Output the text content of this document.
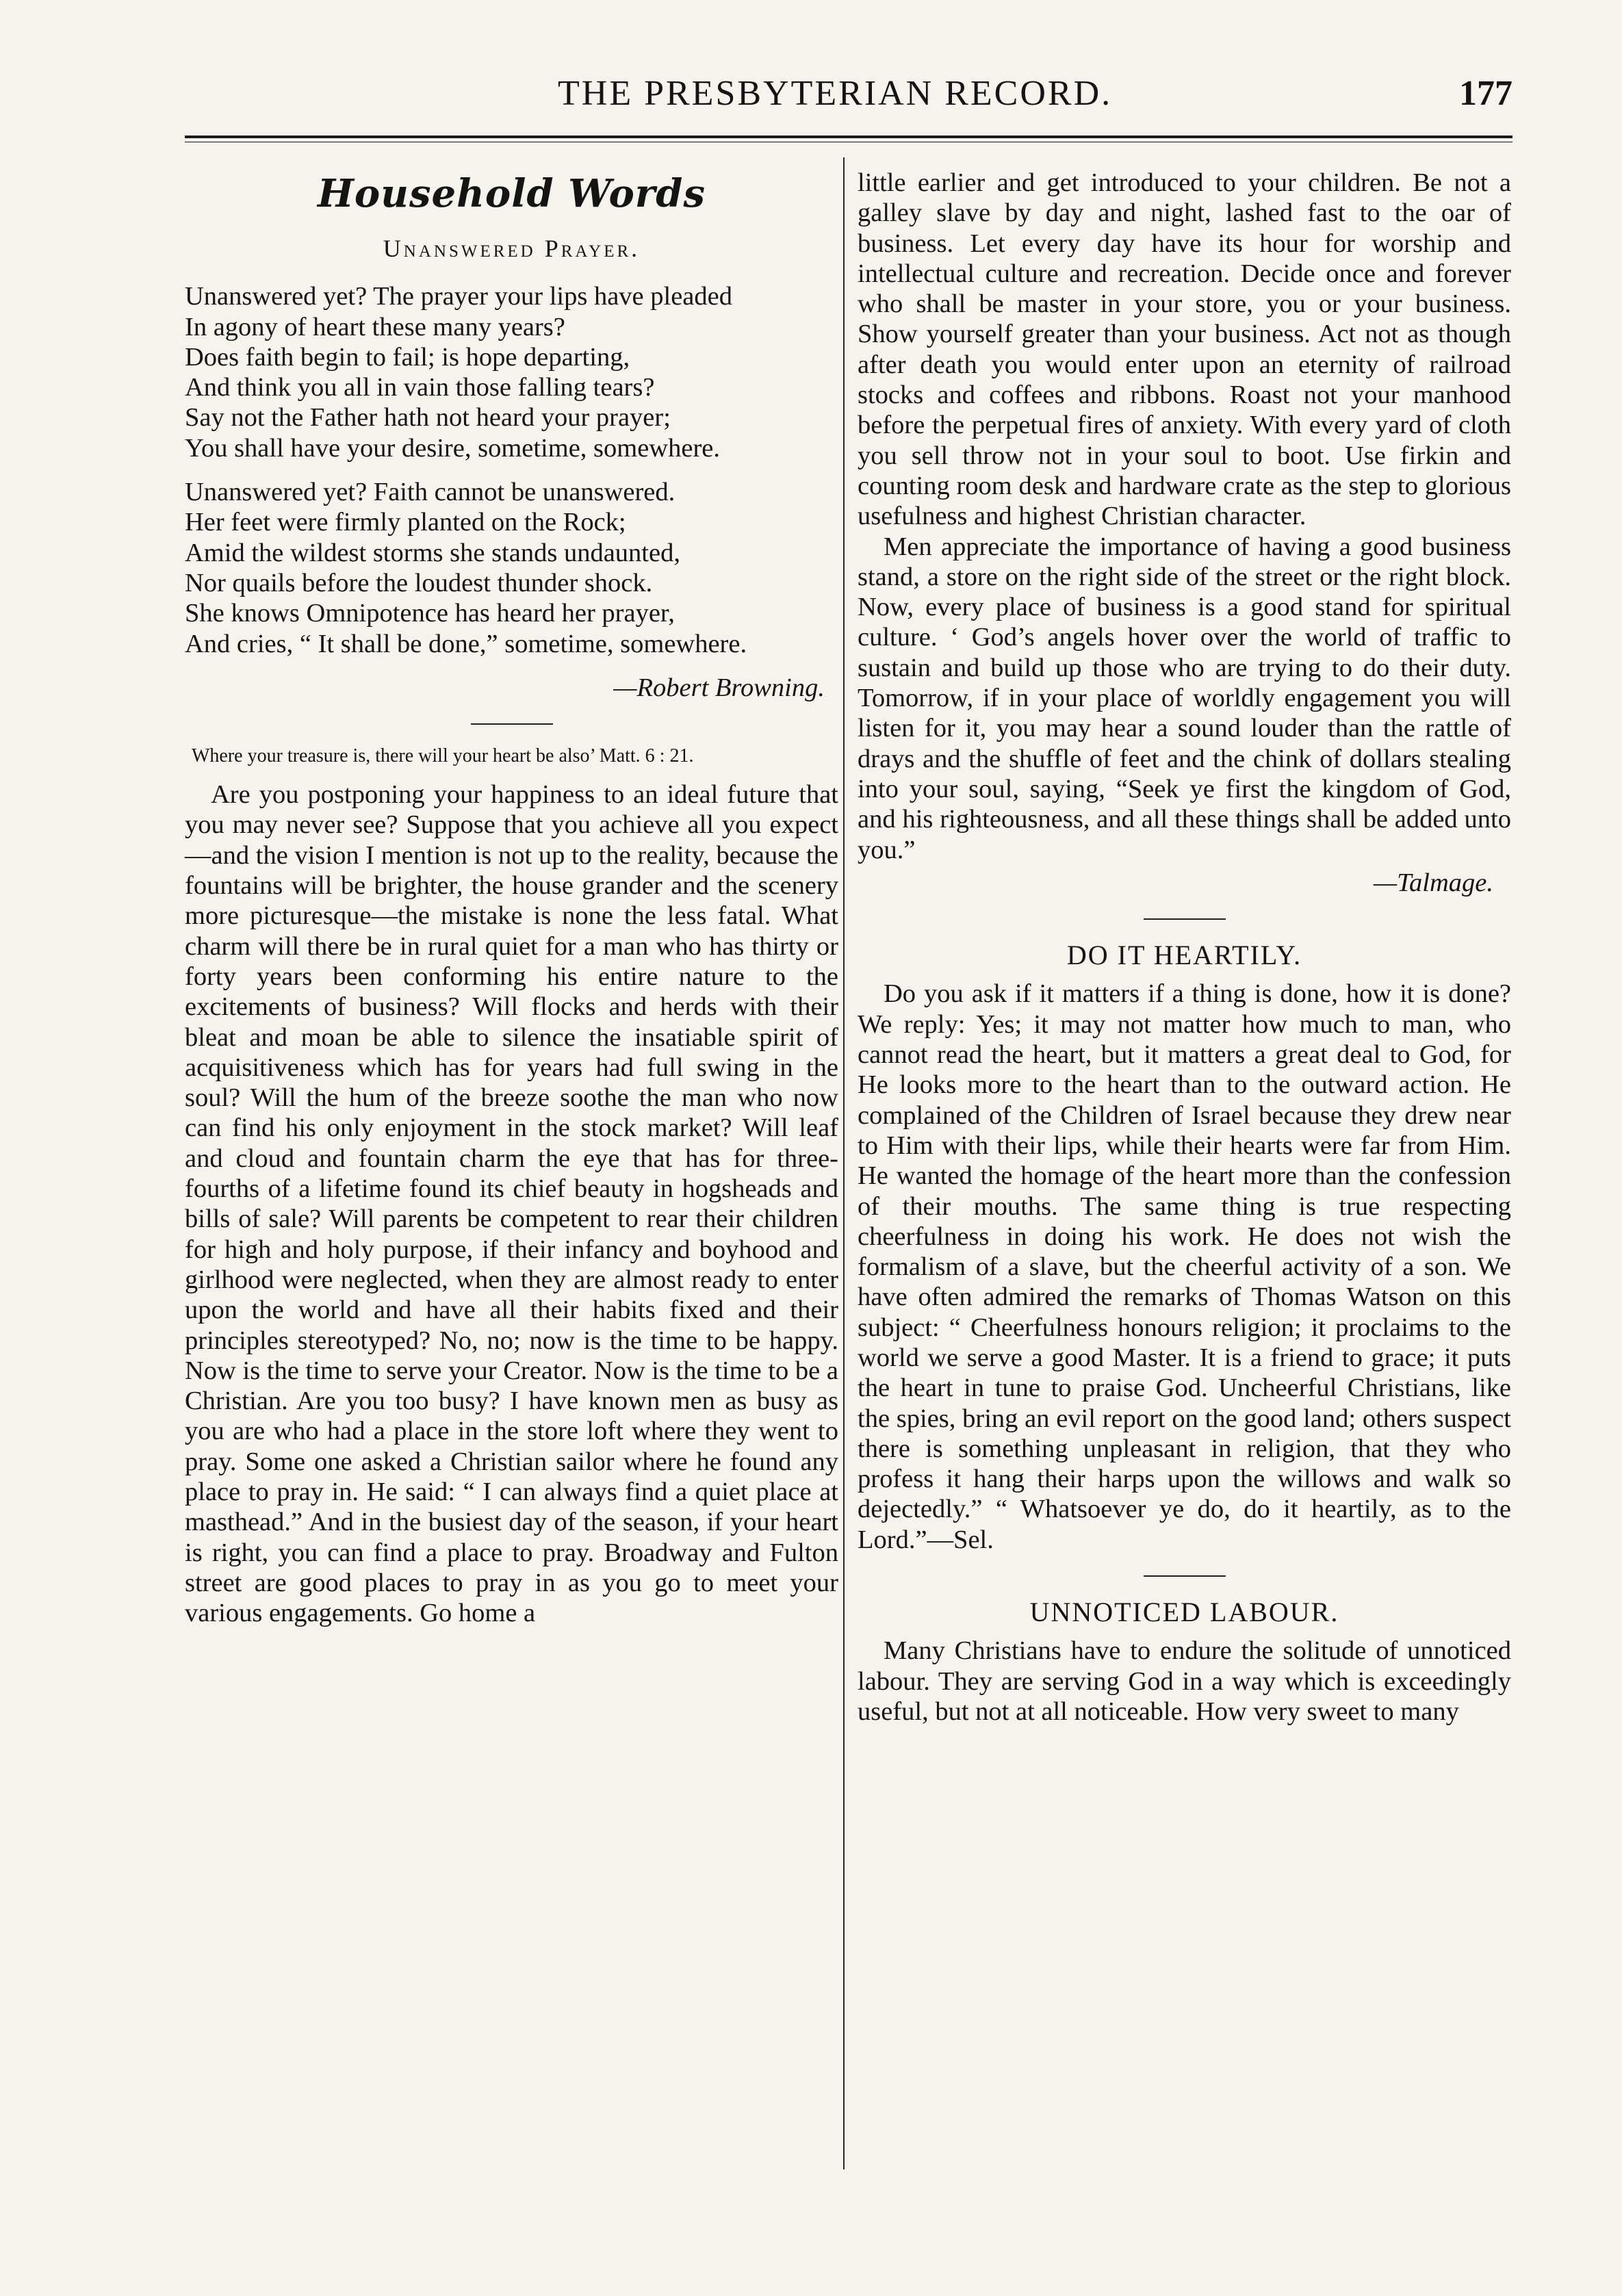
THE PRESBYTERIAN RECORD.	177
Household Words
Unanswered Prayer.
Unanswered yet? The prayer your lips have pleaded
In agony of heart these many years?
Does faith begin to fail; is hope departing,
And think you all in vain those falling tears?
Say not the Father hath not heard your prayer;
You shall have your desire, sometime, somewhere.
Unanswered yet? Faith cannot be unanswered.
Her feet were firmly planted on the Rock;
Amid the wildest storms she stands undaunted,
Nor quails before the loudest thunder shock.
She knows Omnipotence has heard her prayer,
And cries, “ It shall be done,” sometime, somewhere.
—Robert Browning.
Where your treasure is, there will your heart be also’ Matt. 6 : 21.

Are you postponing your happiness to an ideal future that you may never see? Suppose that you achieve all you expect—and the vision I mention is not up to the reality, because the fountains will be brighter, the house grander and the scenery more picturesque—the mistake is none the less fatal. What charm will there be in rural quiet for a man who has thirty or forty years been conforming his entire nature to the excitements of business? Will flocks and herds with their bleat and moan be able to silence the insatiable spirit of acquisitiveness which has for years had full swing in the soul? Will the hum of the breeze soothe the man who now can find his only enjoyment in the stock market? Will leaf and cloud and fountain charm the eye that has for three-fourths of a lifetime found its chief beauty in hogsheads and bills of sale? Will parents be competent to rear their children for high and holy purpose, if their infancy and boyhood and girlhood were neglected, when they are almost ready to enter upon the world and have all their habits fixed and their principles stereotyped? No, no; now is the time to be happy. Now is the time to serve your Creator. Now is the time to be a Christian. Are you too busy? I have known men as busy as you are who had a place in the store loft where they went to pray. Some one asked a Christian sailor where he found any place to pray in. He said: “ I can always find a quiet place at masthead.” And in the busiest day of the season, if your heart is right, you can find a place to pray. Broadway and Fulton street are good places to pray in as you go to meet your various engagements. Go home a

little earlier and get introduced to your children. Be not a galley slave by day and night, lashed fast to the oar of business. Let every day have its hour for worship and intellectual culture and recreation. Decide once and forever who shall be master in your store, you or your business. Show yourself greater than your business. Act not as though after death you would enter upon an eternity of railroad stocks and coffees and ribbons. Roast not your manhood before the perpetual fires of anxiety. With every yard of cloth you sell throw not in your soul to boot. Use firkin and counting room desk and hardware crate as the step to glorious usefulness and highest Christian character.

Men appreciate the importance of having a good business stand, a store on the right side of the street or the right block. Now, every place of business is a good stand for spiritual culture. ‘ God’s angels hover over the world of traffic to sustain and build up those who are trying to do their duty. Tomorrow, if in your place of worldly engagement you will listen for it, you may hear a sound louder than the rattle of drays and the shuffle of feet and the chink of dollars stealing into your soul, saying, “Seek ye first the kingdom of God, and his righteousness, and all these things shall be added unto you.”

—Talmage.
DO IT HEARTILY.

Do you ask if it matters if a thing is done, how it is done? We reply: Yes; it may not matter how much to man, who cannot read the heart, but it matters a great deal to God, for He looks more to the heart than to the outward action. He complained of the Children of Israel because they drew near to Him with their lips, while their hearts were far from Him. He wanted the homage of the heart more than the confession of their mouths. The same thing is true respecting cheerfulness in doing his work. He does not wish the formalism of a slave, but the cheerful activity of a son. We have often admired the remarks of Thomas Watson on this subject: “ Cheerfulness honours religion; it proclaims to the world we serve a good Master. It is a friend to grace; it puts the heart in tune to praise God. Uncheerful Christians, like the spies, bring an evil report on the good land; others suspect there is something unpleasant in religion, that they who profess it hang their harps upon the willows and walk so dejectedly.” “ Whatsoever ye do, do it heartily, as to the Lord.”—Sel.

UNNOTICED LABOUR.

Many Christians have to endure the solitude of unnoticed labour. They are serving God in a way which is exceedingly useful, but not at all noticeable. How very sweet to many
